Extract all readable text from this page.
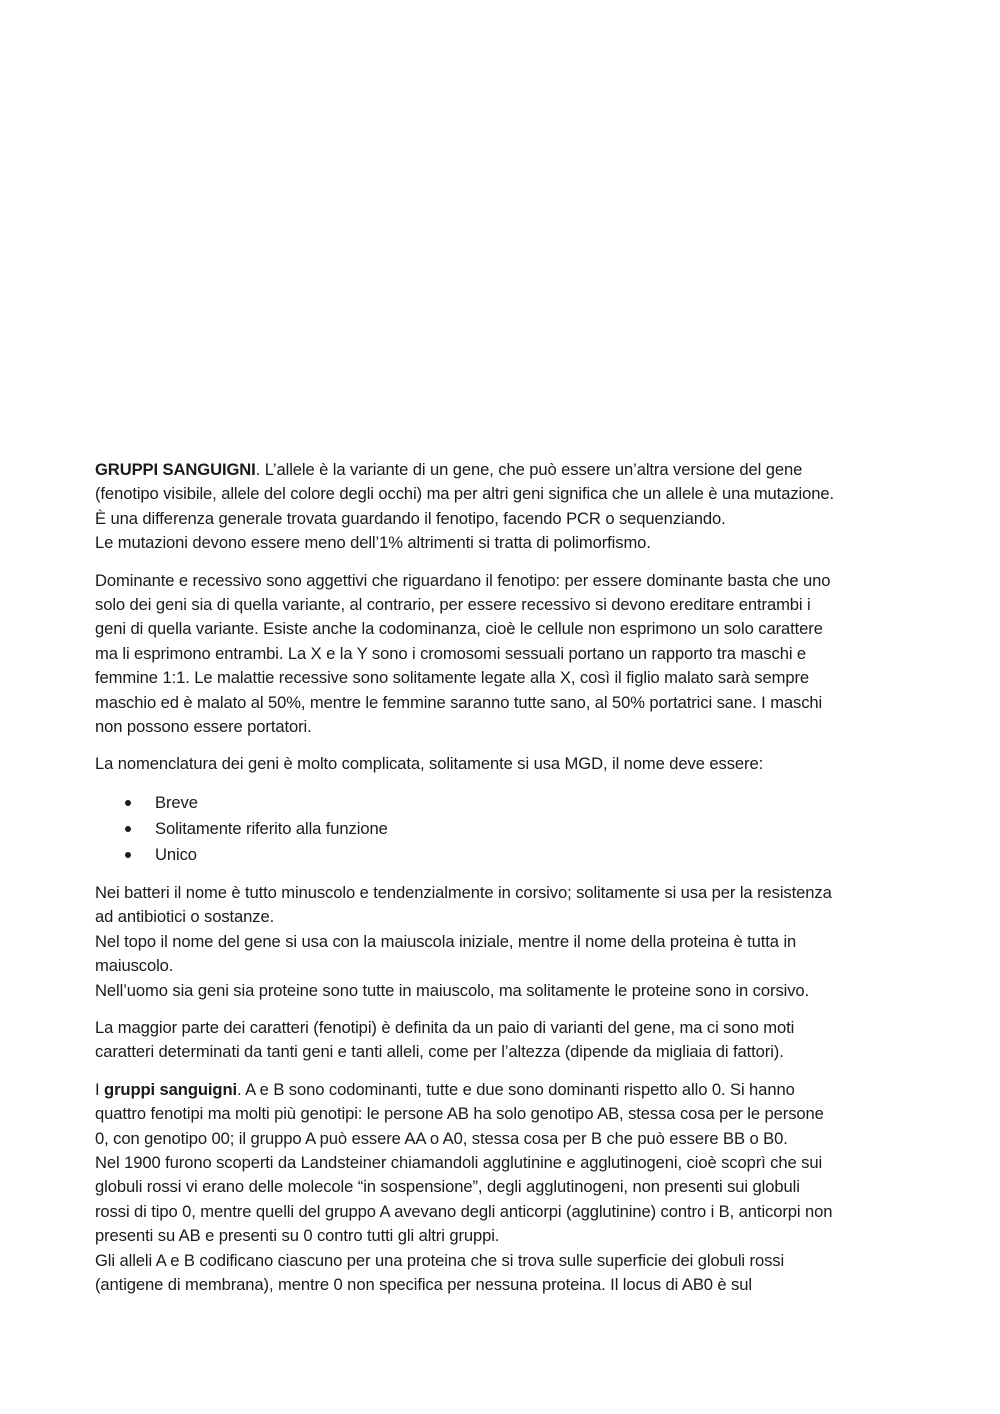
GRUPPI SANGUIGNI. L’allele è la variante di un gene, che può essere un’altra versione del gene
(fenotipo visibile, allele del colore degli occhi) ma per altri geni significa che un allele è una mutazione.
È una differenza generale trovata guardando il fenotipo, facendo PCR o sequenziando.
Le mutazioni devono essere meno dell’1% altrimenti si tratta di polimorfismo.

Dominante e recessivo sono aggettivi che riguardano il fenotipo: per essere dominante basta che uno
solo dei geni sia di quella variante, al contrario, per essere recessivo si devono ereditare entrambi i
geni di quella variante. Esiste anche la codominanza, cioè le cellule non esprimono un solo carattere
ma li esprimono entrambi. La X e la Y sono i cromosomi sessuali portano un rapporto tra maschi e
femmine 1:1. Le malattie recessive sono solitamente legate alla X, così il figlio malato sarà sempre
maschio ed è malato al 50%, mentre le femmine saranno tutte sano, al 50% portatrici sane. I maschi
non possono essere portatori.

La nomenclatura dei geni è molto complicata, solitamente si usa MGD, il nome deve essere:

Breve
Solitamente riferito alla funzione
Unico

Nei batteri il nome è tutto minuscolo e tendenzialmente in corsivo; solitamente si usa per la resistenza
ad antibiotici o sostanze.
Nel topo il nome del gene si usa con la maiuscola iniziale, mentre il nome della proteina è tutta in
maiuscolo.
Nell’uomo sia geni sia proteine sono tutte in maiuscolo, ma solitamente le proteine sono in corsivo.

La maggior parte dei caratteri (fenotipi) è definita da un paio di varianti del gene, ma ci sono moti
caratteri determinati da tanti geni e tanti alleli, come per l’altezza (dipende da migliaia di fattori).

I gruppi sanguigni. A e B sono codominanti, tutte e due sono dominanti rispetto allo 0. Si hanno
quattro fenotipi ma molti più genotipi: le persone AB ha solo genotipo AB, stessa cosa per le persone
0, con genotipo 00; il gruppo A può essere AA o A0, stessa cosa per B che può essere BB o B0.
Nel 1900 furono scoperti da Landsteiner chiamandoli agglutinine e agglutinogeni, cioè scoprì che sui
globuli rossi vi erano delle molecole “in sospensione”, degli agglutinogeni, non presenti sui globuli
rossi di tipo 0, mentre quelli del gruppo A avevano degli anticorpi (agglutinine) contro i B, anticorpi non
presenti su AB e presenti su 0 contro tutti gli altri gruppi.
Gli alleli A e B codificano ciascuno per una proteina che si trova sulle superficie dei globuli rossi
(antigene di membrana), mentre 0 non specifica per nessuna proteina. Il locus di AB0 è sul
